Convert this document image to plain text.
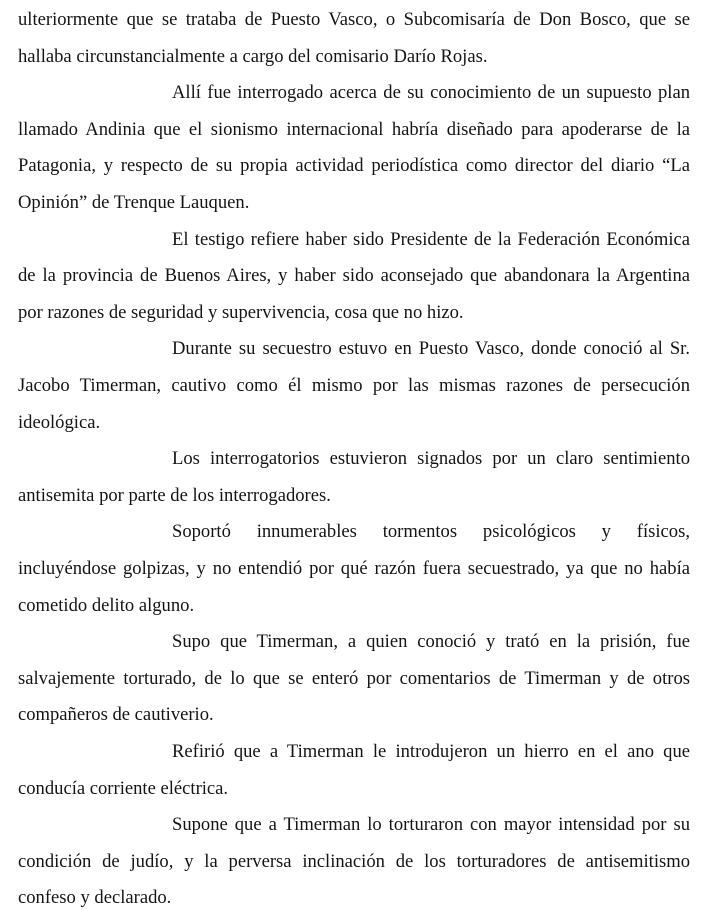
ulteriormente que se trataba de Puesto Vasco, o Subcomisaría de Don Bosco, que se
hallaba circunstancialmente a cargo del comisario Darío Rojas.
Allí fue interrogado acerca de su conocimiento de un supuesto plan
llamado Andinia que el sionismo internacional habría diseñado para apoderarse de la
Patagonia, y respecto de su propia actividad periodística como director del diario “La
Opinión” de Trenque Lauquen.
El testigo refiere haber sido Presidente de la Federación Económica
de la provincia de Buenos Aires, y haber sido aconsejado que abandonara la Argentina
por razones de seguridad y supervivencia, cosa que no hizo.
Durante su secuestro estuvo en Puesto Vasco, donde conoció al Sr.
Jacobo Timerman, cautivo como él mismo por las mismas razones de persecución
ideológica.
Los interrogatorios estuvieron signados por un claro sentimiento
antisemita por parte de los interrogadores.
Soportó innumerables tormentos psicológicos y físicos,
incluyéndose golpizas, y no entendió por qué razón fuera secuestrado, ya que no había
cometido delito alguno.
Supo que Timerman, a quien conoció y trató en la prisión, fue
salvajemente torturado, de lo que se enteró por comentarios de Timerman y de otros
compañeros de cautiverio.
Refirió que a Timerman le introdujeron un hierro en el ano que
conducía corriente eléctrica.
Supone que a Timerman lo torturaron con mayor intensidad por su
condición de judío, y la perversa inclinación de los torturadores de antisemitismo
confeso y declarado.
